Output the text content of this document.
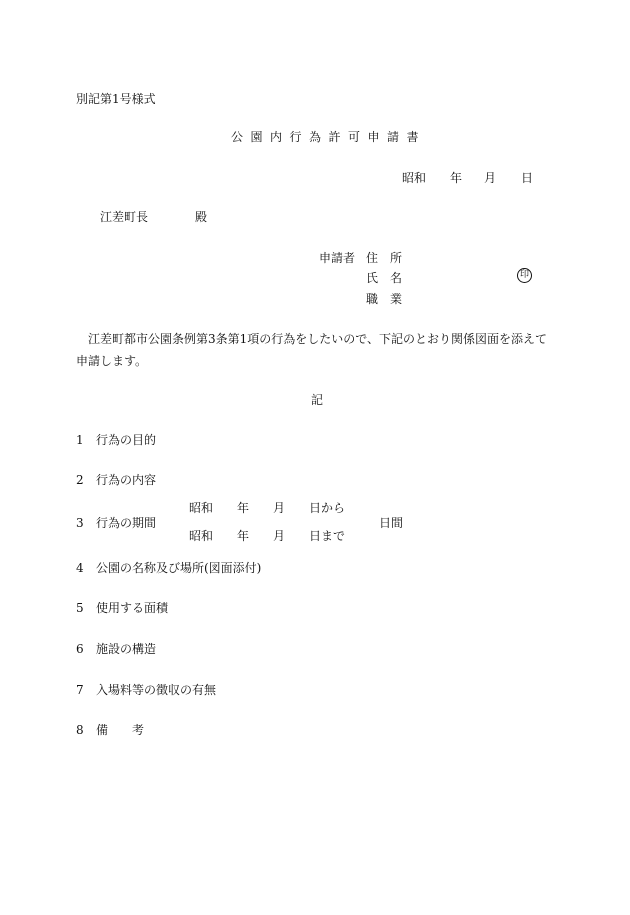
別記第1号様式
公園内行為許可申請書
昭和 年 月 日
江差町長	殿
申請者 住　所
氏　名	印
職　業
江差町都市公園条例第3条第1項の行為をしたいので、下記のとおり関係図面を添えて申請します。
記
1 行為の目的
2 行為の内容
3 行為の期間
昭和 年 月 日から
昭和 年 月 日まで
日間
4 公園の名称及び場所(図面添付)
5 使用する面積
6 施設の構造
7 入場料等の徴収の有無
8 備　　考
